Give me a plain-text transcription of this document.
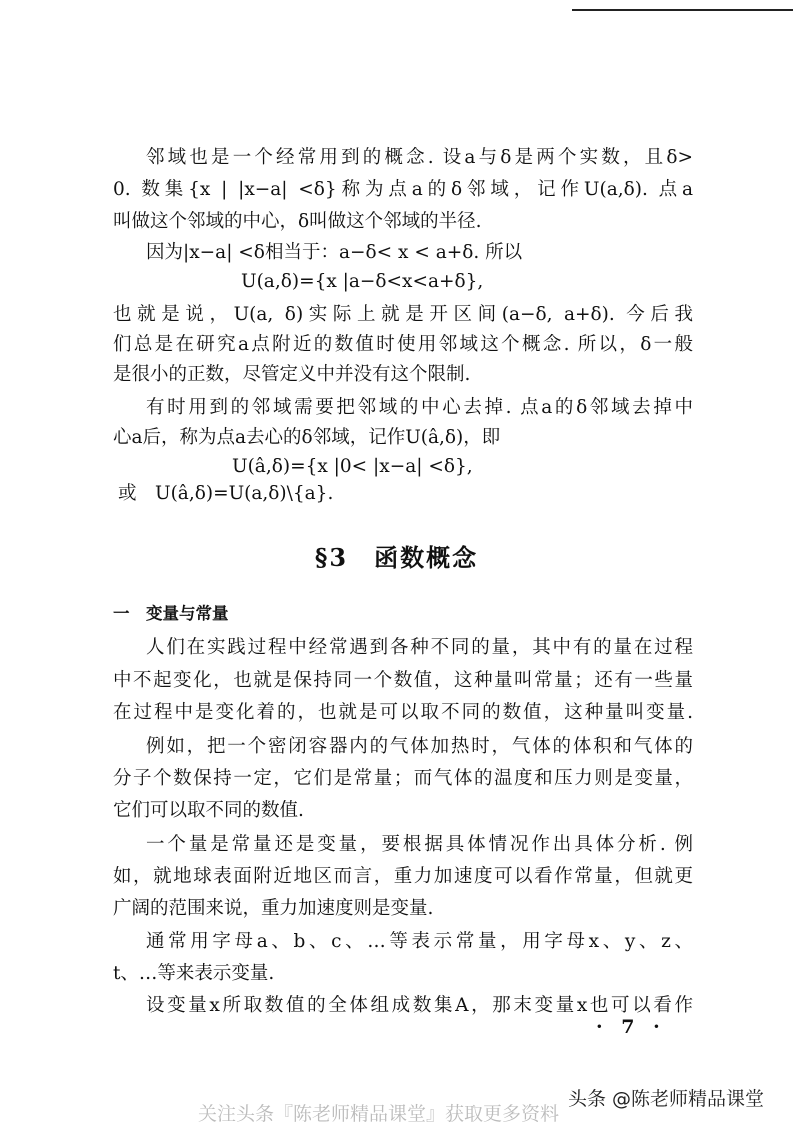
邻域也是一个经常用到的概念. 设a与δ是两个实数，且δ>
0. 数集{x | |x−a| <δ}称为点a的δ邻域，记作U(a,δ). 点a
叫做这个邻域的中心，δ叫做这个邻域的半径.
因为|x−a| <δ相当于：a−δ< x < a+δ. 所以
U(a,δ)={x |a−δ<x<a+δ},
也就是说，U(a, δ)实际上就是开区间(a−δ, a+δ). 今后我
们总是在研究a点附近的数值时使用邻域这个概念. 所以，δ一般
是很小的正数，尽管定义中并没有这个限制.
有时用到的邻域需要把邻域的中心去掉. 点a的δ邻域去掉中
心a后，称为点a去心的δ邻域，记作U(â,δ)，即
U(â,δ)={x |0< |x−a| <δ},
或　U(â,δ)=U(a,δ)\{a}.
§3　函数概念
一　变量与常量
人们在实践过程中经常遇到各种不同的量，其中有的量在过程
中不起变化，也就是保持同一个数值，这种量叫常量；还有一些量
在过程中是变化着的，也就是可以取不同的数值，这种量叫变量.
例如，把一个密闭容器内的气体加热时，气体的体积和气体的
分子个数保持一定，它们是常量；而气体的温度和压力则是变量，
它们可以取不同的数值.
一个量是常量还是变量，要根据具体情况作出具体分析. 例
如，就地球表面附近地区而言，重力加速度可以看作常量，但就更
广阔的范围来说，重力加速度则是变量.
通常用字母a、b、c、…等表示常量，用字母x、y、z、
t、…等来表示变量.
设变量x所取数值的全体组成数集A，那末变量x也可以看作
· 7 ·
头条 @陈老师精品课堂
关注头条『陈老师精品课堂』获取更多资料
